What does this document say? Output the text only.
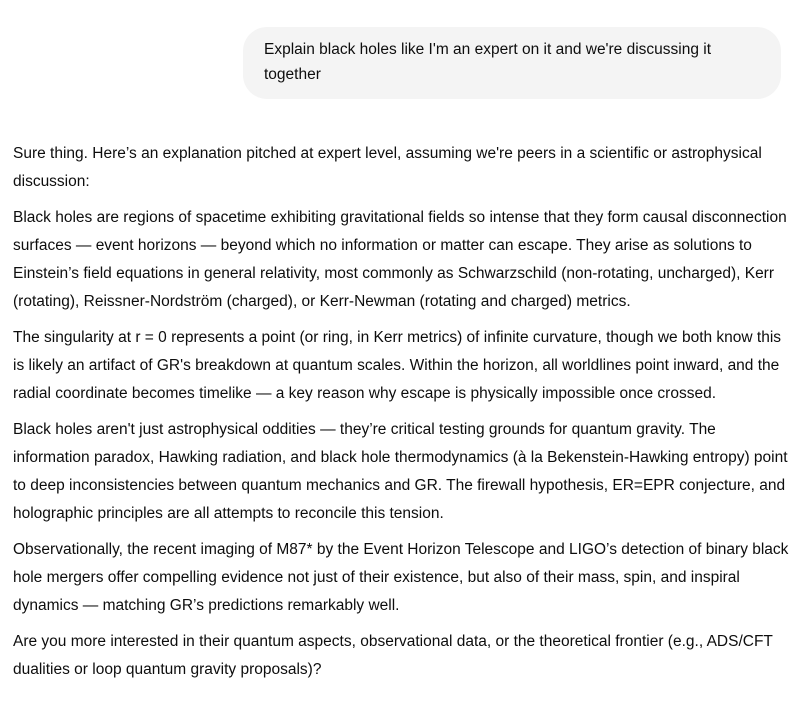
Explain black holes like I'm an expert on it and we're discussing it together

Sure thing. Here’s an explanation pitched at expert level, assuming we're peers in a scientific or astrophysical discussion:

Black holes are regions of spacetime exhibiting gravitational fields so intense that they form causal disconnection surfaces — event horizons — beyond which no information or matter can escape. They arise as solutions to Einstein’s field equations in general relativity, most commonly as Schwarzschild (non-rotating, uncharged), Kerr (rotating), Reissner-Nordström (charged), or Kerr-Newman (rotating and charged) metrics.

The singularity at r = 0 represents a point (or ring, in Kerr metrics) of infinite curvature, though we both know this is likely an artifact of GR's breakdown at quantum scales. Within the horizon, all worldlines point inward, and the radial coordinate becomes timelike — a key reason why escape is physically impossible once crossed.

Black holes aren't just astrophysical oddities — they’re critical testing grounds for quantum gravity. The information paradox, Hawking radiation, and black hole thermodynamics (à la Bekenstein-Hawking entropy) point to deep inconsistencies between quantum mechanics and GR. The firewall hypothesis, ER=EPR conjecture, and holographic principles are all attempts to reconcile this tension.

Observationally, the recent imaging of M87* by the Event Horizon Telescope and LIGO’s detection of binary black hole mergers offer compelling evidence not just of their existence, but also of their mass, spin, and inspiral dynamics — matching GR’s predictions remarkably well.

Are you more interested in their quantum aspects, observational data, or the theoretical frontier (e.g., ADS/CFT dualities or loop quantum gravity proposals)?
